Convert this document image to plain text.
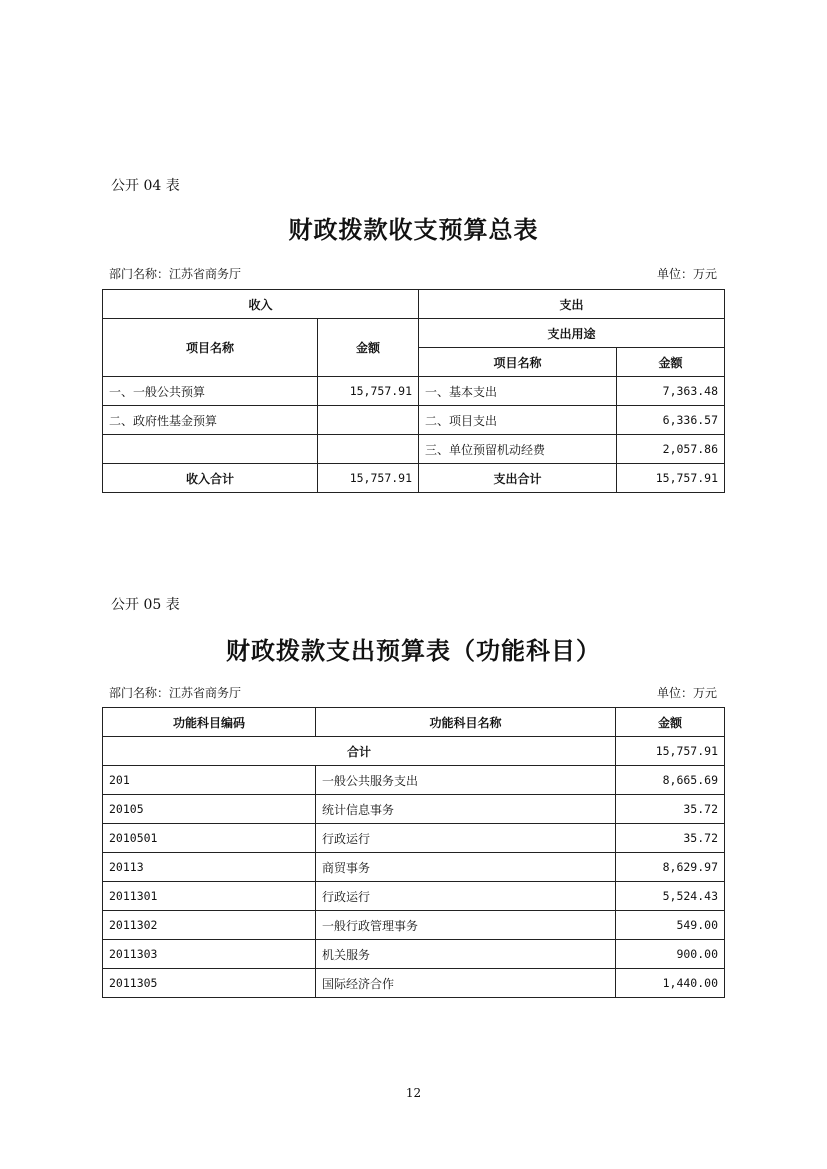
公开 04 表
财政拨款收支预算总表
部门名称：江苏省商务厅	单位：万元
收入		支出	
项目名称	金额	支出用途	
		项目名称	金额
一、一般公共预算	15,757.91	一、基本支出	7,363.48
二、政府性基金预算		二、项目支出	6,336.57
		三、单位预留机动经费	2,057.86
收入合计	15,757.91	支出合计	15,757.91
公开 05 表
财政拨款支出预算表（功能科目）
部门名称：江苏省商务厅	单位：万元
功能科目编码	功能科目名称	金额
合计		15,757.91
201	一般公共服务支出	8,665.69
20105	统计信息事务	35.72
2010501	行政运行	35.72
20113	商贸事务	8,629.97
2011301	行政运行	5,524.43
2011302	一般行政管理事务	549.00
2011303	机关服务	900.00
2011305	国际经济合作	1,440.00
12
